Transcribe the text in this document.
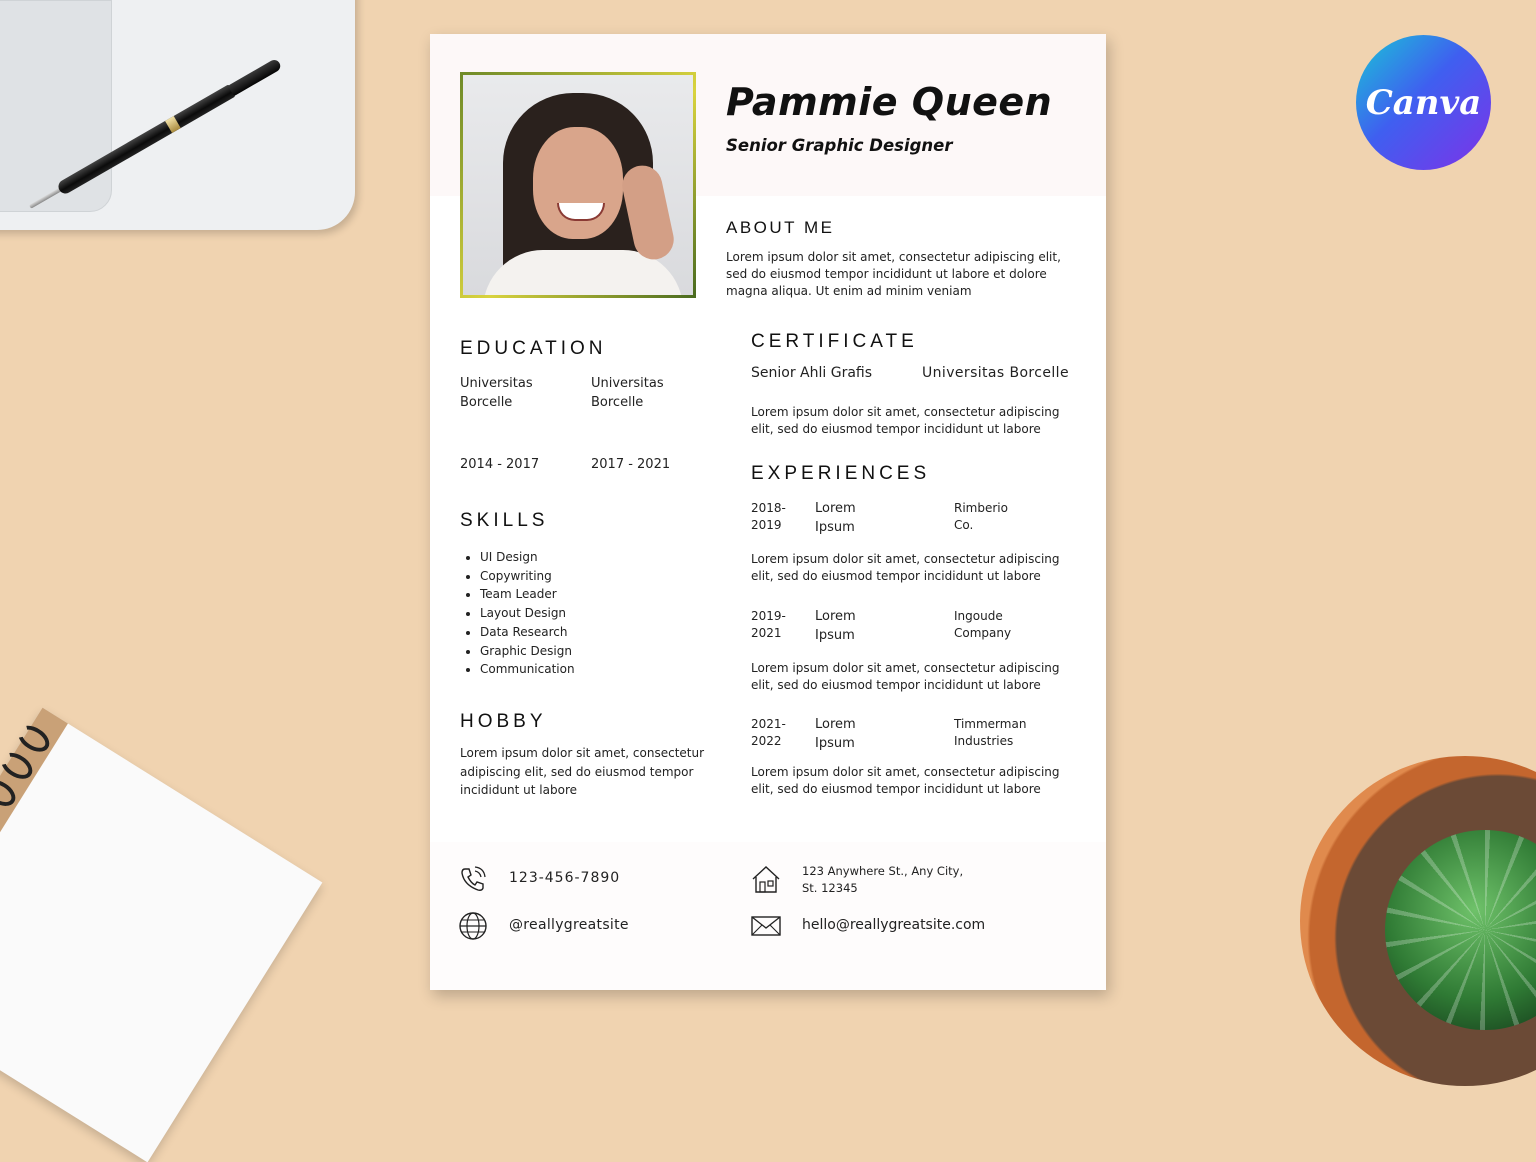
Canva
Pammie Queen
Senior Graphic Designer
ABOUT ME

Lorem ipsum dolor sit amet, consectetur adipiscing elit, sed do eiusmod tempor incididunt ut labore et dolore magna aliqua. Ut enim ad minim veniam

EDUCATION
Universitas Borcelle
Universitas Borcelle
2014 - 2017	2017 - 2021
SKILLS
• UI Design
• Copywriting
• Team Leader
• Layout Design
• Data Research
• Graphic Design
• Communication
HOBBY

Lorem ipsum dolor sit amet, consectetur adipiscing elit, sed do eiusmod tempor incididunt ut labore

CERTIFICATE
Senior Ahli Grafis	Universitas Borcelle

Lorem ipsum dolor sit amet, consectetur adipiscing elit, sed do eiusmod tempor incididunt ut labore

EXPERIENCES
2018-
2019
Lorem
Ipsum
Rimberio
Co.

Lorem ipsum dolor sit amet, consectetur adipiscing elit, sed do eiusmod tempor incididunt ut labore

2019-
2021
Lorem
Ipsum
Ingoude
Company

Lorem ipsum dolor sit amet, consectetur adipiscing elit, sed do eiusmod tempor incididunt ut labore

2021-
2022
Lorem
Ipsum
Timmerman
Industries

Lorem ipsum dolor sit amet, consectetur adipiscing elit, sed do eiusmod tempor incididunt ut labore

123-456-7890
@reallygreatsite
123 Anywhere St., Any City,
St. 12345
hello@reallygreatsite.com
